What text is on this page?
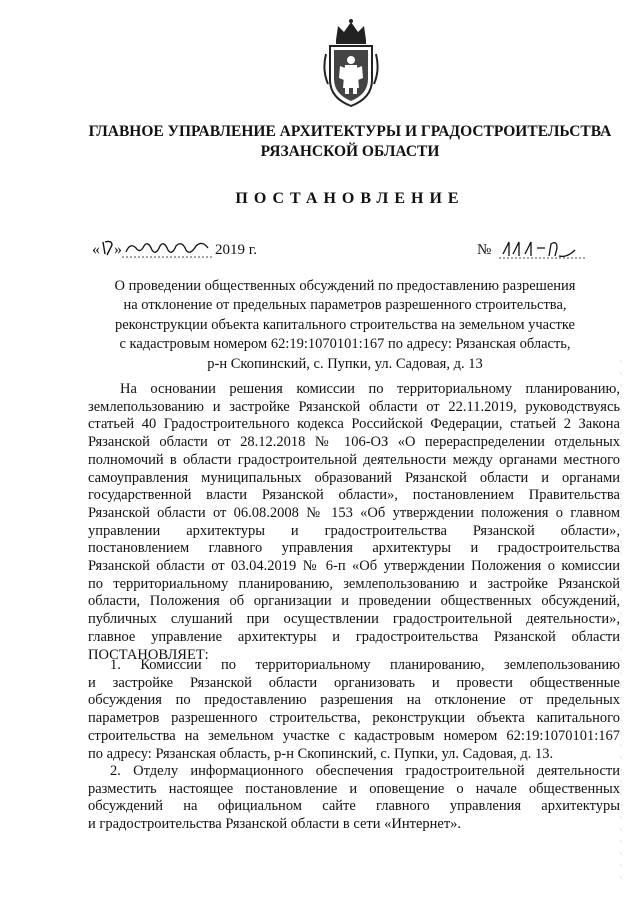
ГЛАВНОЕ УПРАВЛЕНИЕ АРХИТЕКТУРЫ И ГРАДОСТРОИТЕЛЬСТВА
РЯЗАНСКОЙ ОБЛАСТИ
ПОСТАНОВЛЕНИЕ
« »	2019 г.	№
О проведении общественных обсуждений по предоставлению разрешения
на отклонение от предельных параметров разрешенного строительства,
реконструкции объекта капитального строительства на земельном участке
с кадастровым номером 62:19:1070101:167 по адресу: Рязанская область,
р-н Скопинский, с. Пупки, ул. Садовая, д. 13
На основании решения комиссии по территориальному планированию,
землепользованию и застройке Рязанской области от 22.11.2019, руководствуясь
статьей 40 Градостроительного кодекса Российской Федерации, статьей 2 Закона
Рязанской области от 28.12.2018 № 106-ОЗ «О перераспределении отдельных
полномочий в области градостроительной деятельности между органами местного
самоуправления муниципальных образований Рязанской области и органами
государственной власти Рязанской области», постановлением Правительства
Рязанской области от 06.08.2008 № 153 «Об утверждении положения о главном
управлении архитектуры и градостроительства Рязанской области»,
постановлением главного управления архитектуры и градостроительства
Рязанской области от 03.04.2019 № 6-п «Об утверждении Положения о комиссии
по территориальному планированию, землепользованию и застройке Рязанской
области, Положения об организации и проведении общественных обсуждений,
публичных слушаний при осуществлении градостроительной деятельности»,
главное управление архитектуры и градостроительства Рязанской области
ПОСТАНОВЛЯЕТ:
1. Комиссии по территориальному планированию, землепользованию
и застройке Рязанской области организовать и провести общественные
обсуждения по предоставлению разрешения на отклонение от предельных
параметров разрешенного строительства, реконструкции объекта капитального
строительства на земельном участке с кадастровым номером 62:19:1070101:167
по адресу: Рязанская область, р-н Скопинский, с. Пупки, ул. Садовая, д. 13.
2. Отделу информационного обеспечения градостроительной деятельности
разместить настоящее постановление и оповещение о начале общественных
обсуждений на официальном сайте главного управления архитектуры
и градостроительства Рязанской области в сети «Интернет».
